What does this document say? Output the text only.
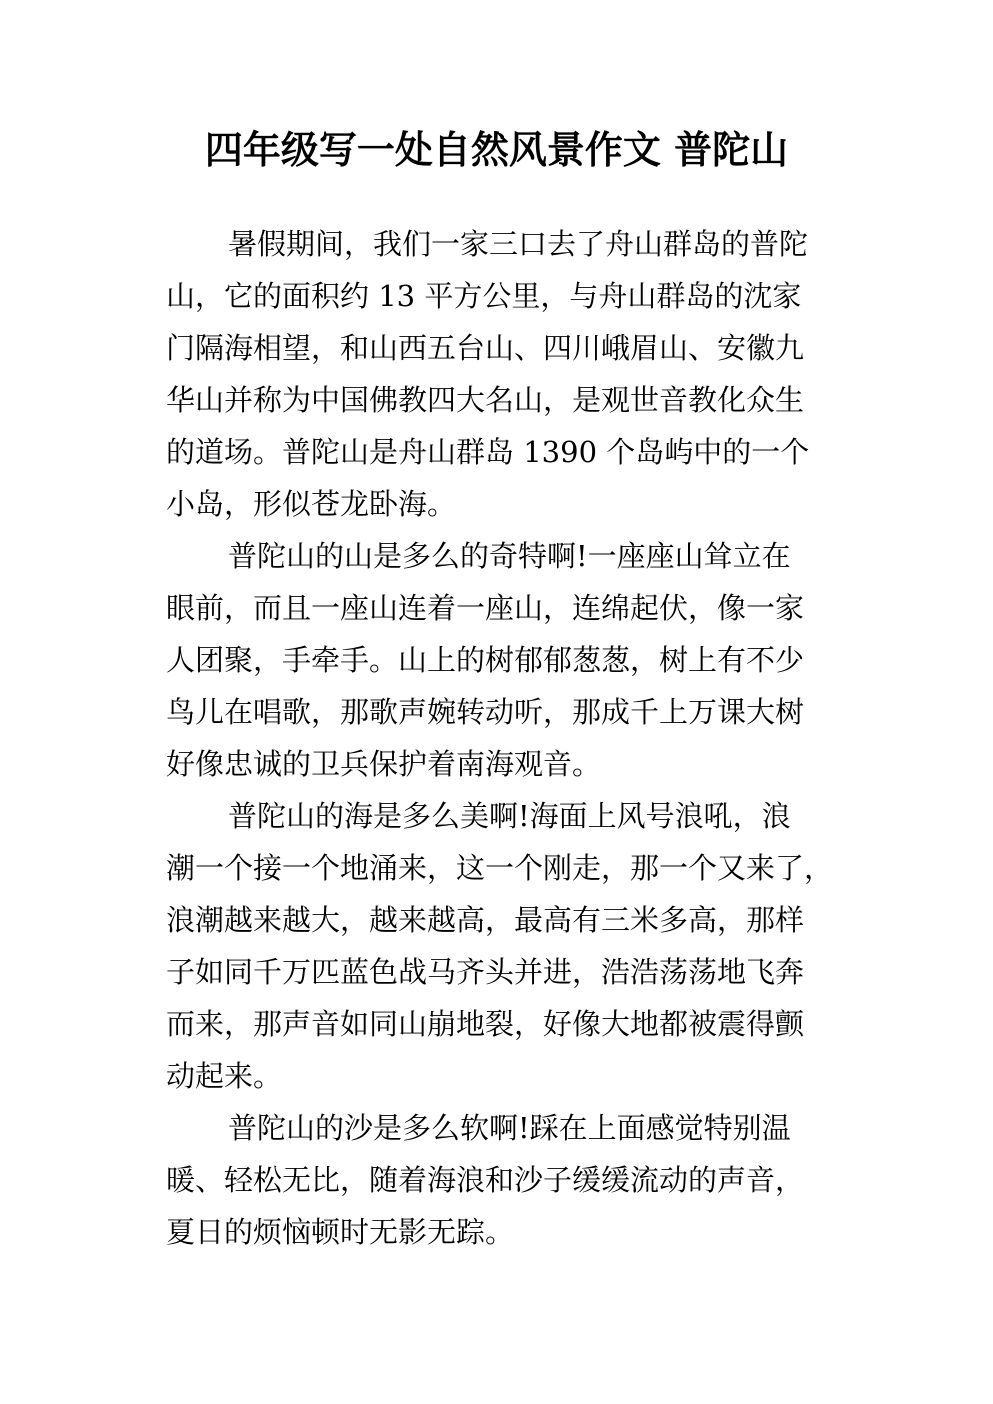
四年级写一处自然风景作文 普陀山
暑假期间，我们一家三口去了舟山群岛的普陀
山，它的面积约 13 平方公里，与舟山群岛的沈家
门隔海相望，和山西五台山、四川峨眉山、安徽九
华山并称为中国佛教四大名山，是观世音教化众生
的道场。普陀山是舟山群岛 1390 个岛屿中的一个
小岛，形似苍龙卧海。
普陀山的山是多么的奇特啊!一座座山耸立在
眼前，而且一座山连着一座山，连绵起伏，像一家
人团聚，手牵手。山上的树郁郁葱葱，树上有不少
鸟儿在唱歌，那歌声婉转动听，那成千上万课大树
好像忠诚的卫兵保护着南海观音。
普陀山的海是多么美啊!海面上风号浪吼，浪
潮一个接一个地涌来，这一个刚走，那一个又来了，
浪潮越来越大，越来越高，最高有三米多高，那样
子如同千万匹蓝色战马齐头并进，浩浩荡荡地飞奔
而来，那声音如同山崩地裂，好像大地都被震得颤
动起来。
普陀山的沙是多么软啊!踩在上面感觉特别温
暖、轻松无比，随着海浪和沙子缓缓流动的声音，
夏日的烦恼顿时无影无踪。
